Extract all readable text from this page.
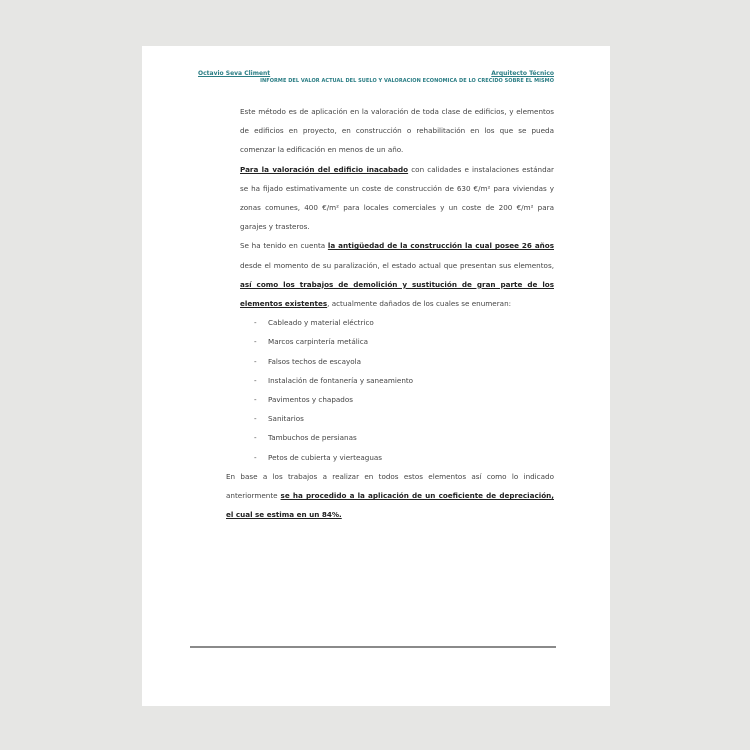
Octavio Seva Climent	Arquitecto Técnico
INFORME DEL VALOR ACTUAL DEL SUELO Y VALORACION ECONOMICA DE LO CRECIDO SOBRE EL MISMO

Este método es de aplicación en la valoración de toda clase de edificios, y elementos de edificios en proyecto, en construcción o rehabilitación en los que se pueda comenzar la edificación en menos de un año.

Para la valoración del edificio inacabado con calidades e instalaciones estándar se ha fijado estimativamente un coste de construcción de 630 €/m² para viviendas y zonas comunes, 400 €/m² para locales comerciales y un coste de 200 €/m² para garajes y trasteros.

Se ha tenido en cuenta la antigüedad de la construcción la cual posee 26 años desde el momento de su paralización, el estado actual que presentan sus elementos, así como los trabajos de demolición y sustitución de gran parte de los elementos existentes, actualmente dañados de los cuales se enumeran:

- Cableado y material eléctrico
- Marcos carpintería metálica
- Falsos techos de escayola
- Instalación de fontanería y saneamiento
- Pavimentos y chapados
- Sanitarios
- Tambuchos de persianas
- Petos de cubierta y vierteaguas

En base a los trabajos a realizar en todos estos elementos así como lo indicado anteriormente se ha procedido a la aplicación de un coeficiente de depreciación, el cual se estima en un 84%.
